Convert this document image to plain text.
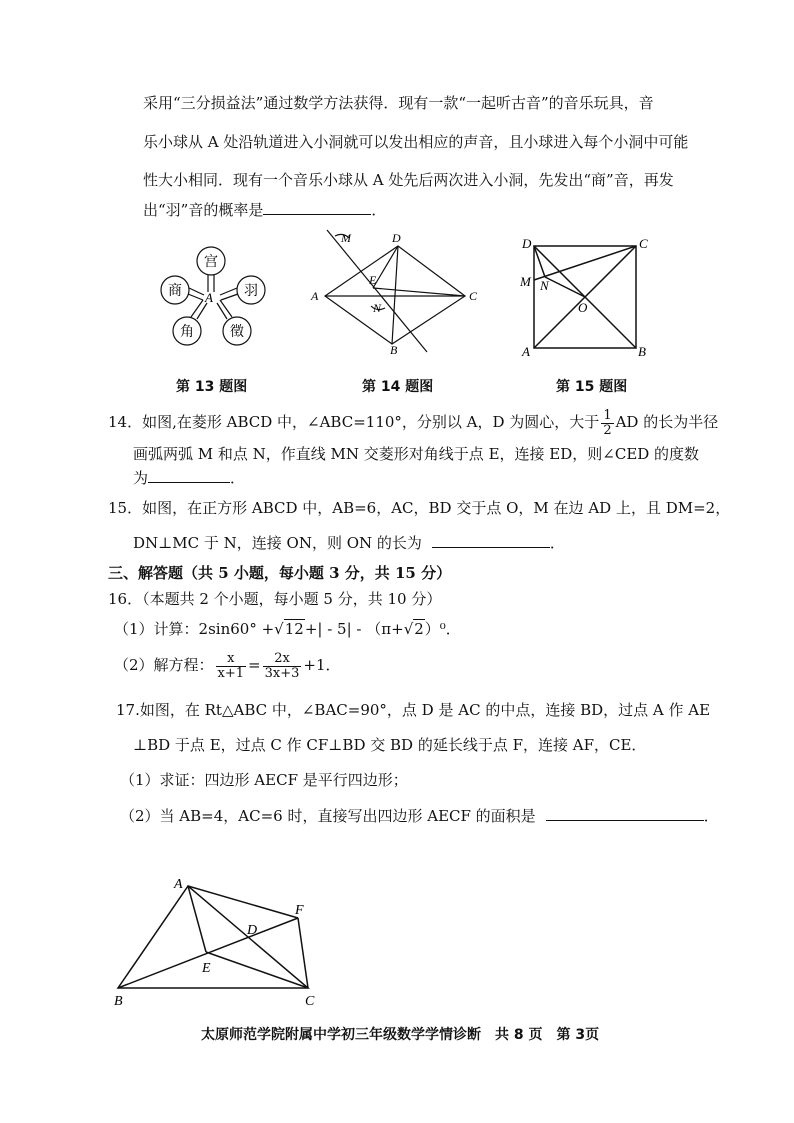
采用“三分损益法”通过数学方法获得．现有一款“一起听古音”的音乐玩具，音
乐小球从 A 处沿轨道进入小洞就可以发出相应的声音，且小球进入每个小洞中可能
性大小相同．现有一个音乐小球从 A 处先后两次进入小洞，先发出“商”音，再发
出“羽”音的概率是	．
宫
羽
徵
角
商 A
第 13 题图
M	D
E
A	C
N
B
第 14 题图
D	C
M N
O
A	B
第 15 题图
14．如图,在菱形 ABCD 中，∠ABC=110°，分别以 A，D 为圆心，大于 $\frac{1}{2}$ AD 的长为半径
画弧两弧 M 和点 N，作直线 MN 交菱形对角线于点 E，连接 ED，则∠CED 的度数
为	．
15．如图，在正方形 ABCD 中，AB=6，AC，BD 交于点 O，M 在边 AD 上，且 DM=2，
DN⊥MC 于 N，连接 ON，则 ON 的长为	．
三、解答题（共 5 小题，每小题 3 分，共 15 分）
16．（本题共 2 个小题，每小题 5 分，共 10 分）
（1）计算：2sin60° +√12+| - 5| - （π+√2）⁰．
（2）解方程： $\frac{x}{x+1} = \frac{2x}{3x+3} +1$．
17.如图，在 Rt△ABC 中，∠BAC=90°，点 D 是 AC 的中点，连接 BD，过点 A 作 AE
⊥BD 于点 E，过点 C 作 CF⊥BD 交 BD 的延长线于点 F，连接 AF，CE．
（1）求证：四边形 AECF 是平行四边形；
（2）当 AB=4，AC=6 时，直接写出四边形 AECF 的面积是	．
A
F
D
E
B	C
太原师范学院附属中学初三年级数学学情诊断　共 8 页　第 3页
